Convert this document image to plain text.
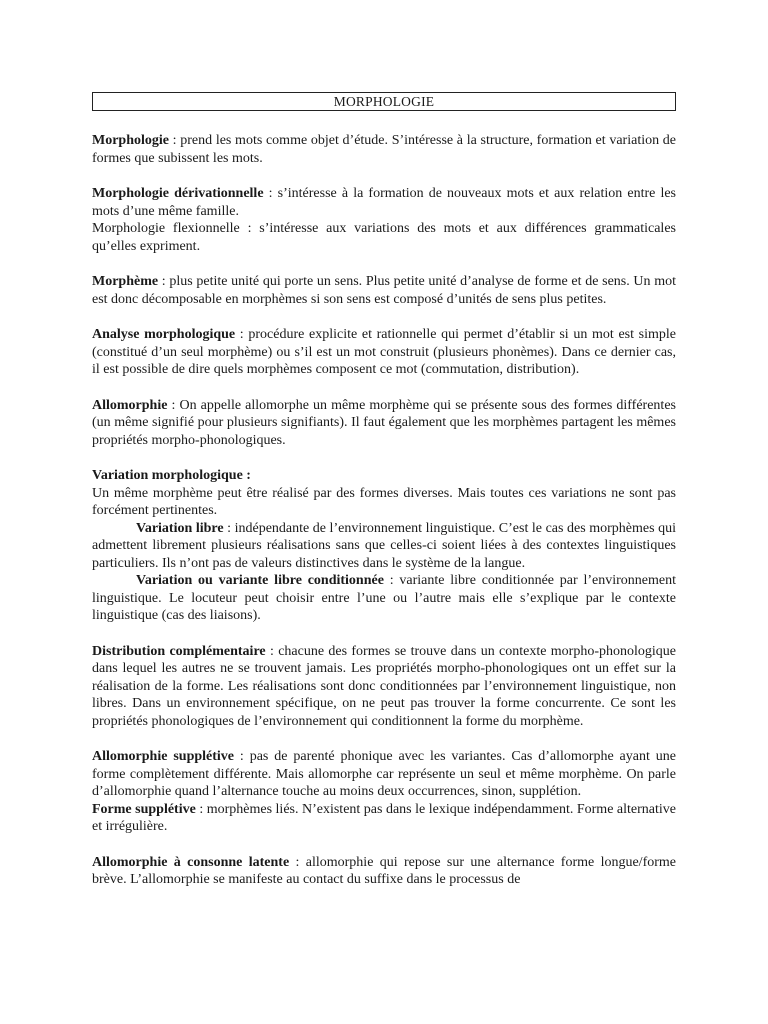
MORPHOLOGIE

Morphologie : prend les mots comme objet d’étude. S’intéresse à la structure, formation et variation de formes que subissent les mots.

Morphologie dérivationnelle : s’intéresse à la formation de nouveaux mots et aux relation entre les mots d’une même famille.

Morphologie flexionnelle : s’intéresse aux variations des mots et aux différences grammaticales qu’elles expriment.

Morphème : plus petite unité qui porte un sens. Plus petite unité d’analyse de forme et de sens. Un mot est donc décomposable en morphèmes si son sens est composé d’unités de sens plus petites.

Analyse morphologique : procédure explicite et rationnelle qui permet d’établir si un mot est simple (constitué d’un seul morphème) ou s’il est un mot construit (plusieurs phonèmes). Dans ce dernier cas, il est possible de dire quels morphèmes composent ce mot (commutation, distribution).

Allomorphie : On appelle allomorphe un même morphème qui se présente sous des formes différentes (un même signifié pour plusieurs signifiants). Il faut également que les morphèmes partagent les mêmes propriétés morpho-phonologiques.

Variation morphologique :

Un même morphème peut être réalisé par des formes diverses. Mais toutes ces variations ne sont pas forcément pertinentes.

Variation libre : indépendante de l’environnement linguistique. C’est le cas des morphèmes qui admettent librement plusieurs réalisations sans que celles-ci soient liées à des contextes linguistiques particuliers. Ils n’ont pas de valeurs distinctives dans le système de la langue.

Variation ou variante libre conditionnée : variante libre conditionnée par l’environnement linguistique. Le locuteur peut choisir entre l’une ou l’autre mais elle s’explique par le contexte linguistique (cas des liaisons).

Distribution complémentaire : chacune des formes se trouve dans un contexte morpho-phonologique dans lequel les autres ne se trouvent jamais. Les propriétés morpho-phonologiques ont un effet sur la réalisation de la forme. Les réalisations sont donc conditionnées par l’environnement linguistique, non libres. Dans un environnement spécifique, on ne peut pas trouver la forme concurrente. Ce sont les propriétés phonologiques de l’environnement qui conditionnent la forme du morphème.

Allomorphie supplétive : pas de parenté phonique avec les variantes. Cas d’allomorphe ayant une forme complètement différente. Mais allomorphe car représente un seul et même morphème. On parle d’allomorphie quand l’alternance touche au moins deux occurrences, sinon, supplétion.

Forme supplétive : morphèmes liés. N’existent pas dans le lexique indépendamment. Forme alternative et irrégulière.

Allomorphie à consonne latente : allomorphie qui repose sur une alternance forme longue/forme brève. L’allomorphie se manifeste au contact du suffixe dans le processus de
